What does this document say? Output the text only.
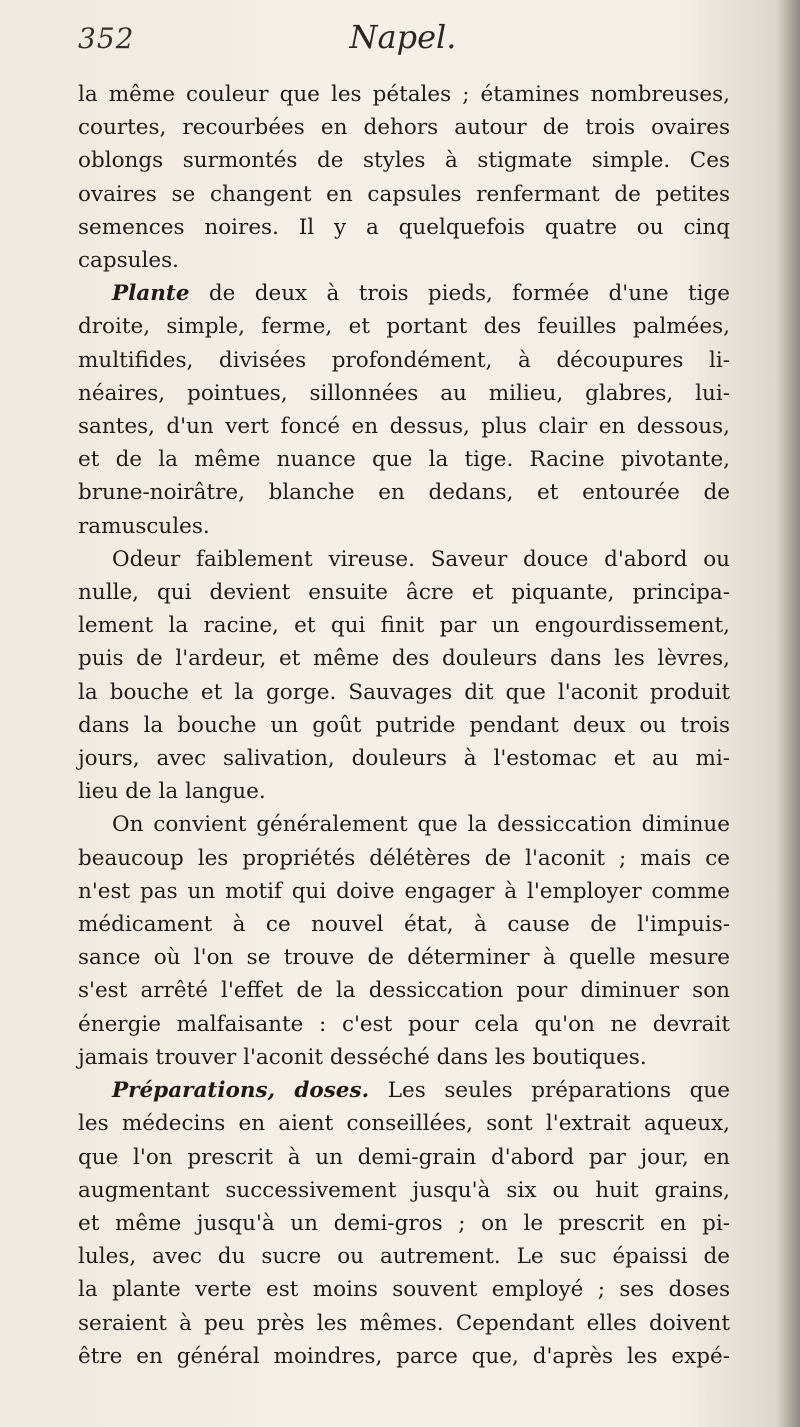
352	Napel.
la même couleur que les pétales ; étamines nombreuses,
courtes, recourbées en dehors autour de trois ovaires
oblongs surmontés de styles à stigmate simple. Ces
ovaires se changent en capsules renfermant de petites
semences noires. Il y a quelquefois quatre ou cinq
capsules.
Plante de deux à trois pieds, formée d'une tige
droite, simple, ferme, et portant des feuilles palmées,
multifides, divisées profondément, à découpures li-
néaires, pointues, sillonnées au milieu, glabres, lui-
santes, d'un vert foncé en dessus, plus clair en dessous,
et de la même nuance que la tige. Racine pivotante,
brune-noirâtre, blanche en dedans, et entourée de
ramuscules.
Odeur faiblement vireuse. Saveur douce d'abord ou
nulle, qui devient ensuite âcre et piquante, principa-
lement la racine, et qui finit par un engourdissement,
puis de l'ardeur, et même des douleurs dans les lèvres,
la bouche et la gorge. Sauvages dit que l'aconit produit
dans la bouche un goût putride pendant deux ou trois
jours, avec salivation, douleurs à l'estomac et au mi-
lieu de la langue.
On convient généralement que la dessiccation diminue
beaucoup les propriétés délétères de l'aconit ; mais ce
n'est pas un motif qui doive engager à l'employer comme
médicament à ce nouvel état, à cause de l'impuis-
sance où l'on se trouve de déterminer à quelle mesure
s'est arrêté l'effet de la dessiccation pour diminuer son
énergie malfaisante : c'est pour cela qu'on ne devrait
jamais trouver l'aconit desséché dans les boutiques.
Préparations, doses. Les seules préparations que
les médecins en aient conseillées, sont l'extrait aqueux,
que l'on prescrit à un demi-grain d'abord par jour, en
augmentant successivement jusqu'à six ou huit grains,
et même jusqu'à un demi-gros ; on le prescrit en pi-
lules, avec du sucre ou autrement. Le suc épaissi de
la plante verte est moins souvent employé ; ses doses
seraient à peu près les mêmes. Cependant elles doivent
être en général moindres, parce que, d'après les expé-
